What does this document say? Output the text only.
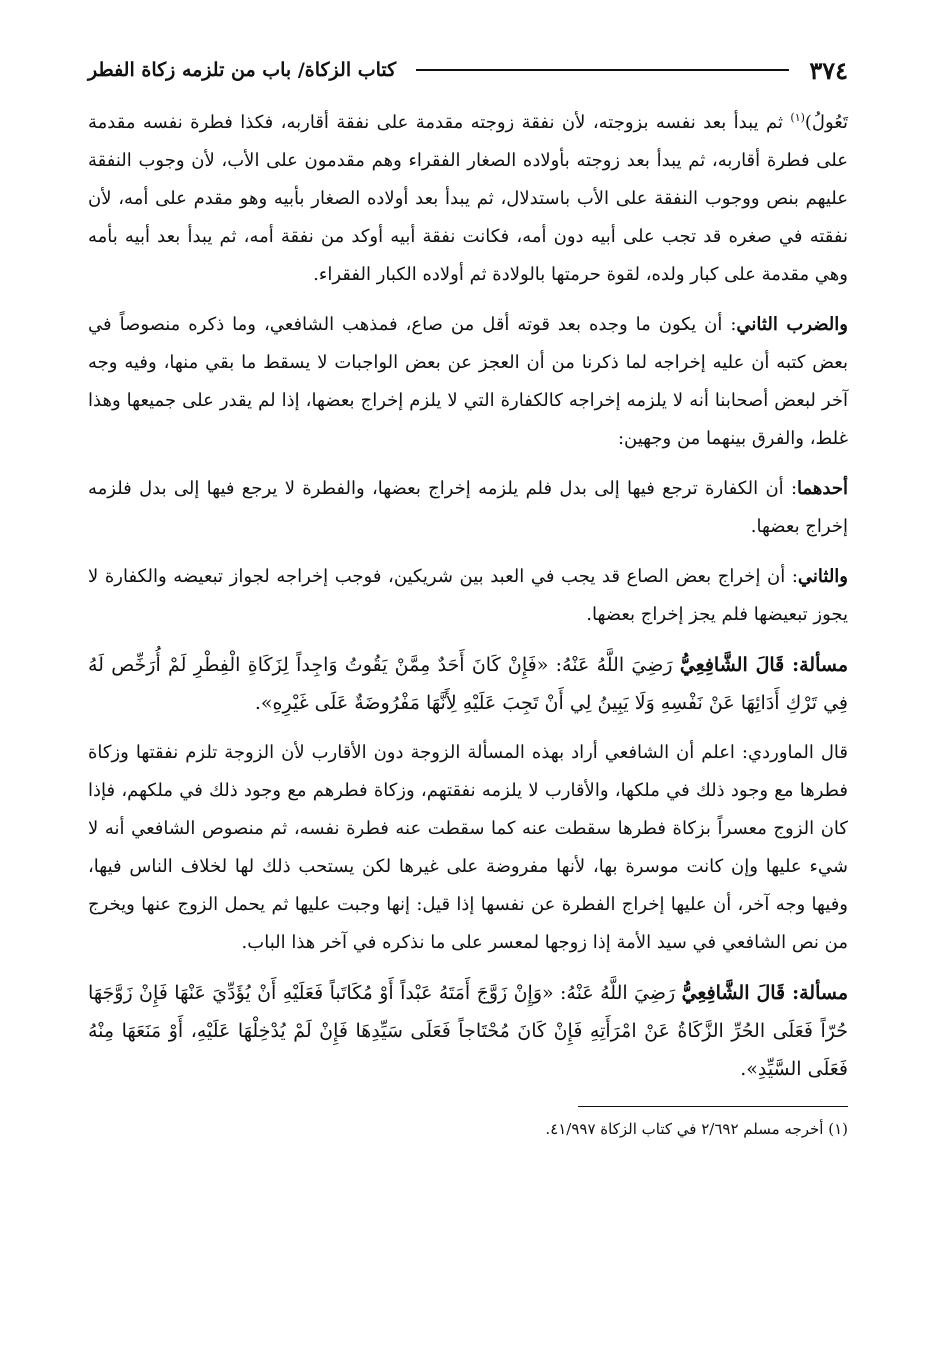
٣٧٤
كتاب الزكاة/ باب من تلزمه زكاة الفطر

تَعُولُ)$^{(١)}$ ثم يبدأ بعد نفسه بزوجته، لأن نفقة زوجته مقدمة على نفقة أقاربه، فكذا فطرة نفسه مقدمة على فطرة أقاربه، ثم يبدأ بعد زوجته بأولاده الصغار الفقراء وهم مقدمون على الأب، لأن وجوب النفقة عليهم بنص ووجوب النفقة على الأب باستدلال، ثم يبدأ بعد أولاده الصغار بأبيه وهو مقدم على أمه، لأن نفقته في صغره قد تجب على أبيه دون أمه، فكانت نفقة أبيه أوكد من نفقة أمه، ثم يبدأ بعد أبيه بأمه وهي مقدمة على كبار ولده، لقوة حرمتها بالولادة ثم أولاده الكبار الفقراء.

والضرب الثاني: أن يكون ما وجده بعد قوته أقل من صاع، فمذهب الشافعي، وما ذكره منصوصاً في بعض كتبه أن عليه إخراجه لما ذكرنا من أن العجز عن بعض الواجبات لا يسقط ما بقي منها، وفيه وجه آخر لبعض أصحابنا أنه لا يلزمه إخراجه كالكفارة التي لا يلزم إخراج بعضها، إذا لم يقدر على جميعها وهذا غلط، والفرق بينهما من وجهين:

أحدهما: أن الكفارة ترجع فيها إلى بدل فلم يلزمه إخراج بعضها، والفطرة لا يرجع فيها إلى بدل فلزمه إخراج بعضها.

والثاني: أن إخراج بعض الصاع قد يجب في العبد بين شريكين، فوجب إخراجه لجواز تبعيضه والكفارة لا يجوز تبعيضها فلم يجز إخراج بعضها.

مسألة: قَالَ الشَّافِعِيُّ رَضِيَ اللَّهُ عَنْهُ: «فَإِنْ كَانَ أَحَدٌ مِمَّنْ يَقُوتُ وَاجِداً لِزَكَاةِ الْفِطْرِ لَمْ أُرَخِّص لَهُ فِي تَرْكِ أَدَائِهَا عَنْ نَفْسِهِ وَلَا يَبِينُ لِي أَنْ تَجِبَ عَلَيْهِ لِأَنَّهَا مَفْرُوضَةٌ عَلَى غَيْرِهِ».

قال الماوردي: اعلم أن الشافعي أراد بهذه المسألة الزوجة دون الأقارب لأن الزوجة تلزم نفقتها وزكاة فطرها مع وجود ذلك في ملكها، والأقارب لا يلزمه نفقتهم، وزكاة فطرهم مع وجود ذلك في ملكهم، فإذا كان الزوج معسراً بزكاة فطرها سقطت عنه كما سقطت عنه فطرة نفسه، ثم منصوص الشافعي أنه لا شيء عليها وإن كانت موسرة بها، لأنها مفروضة على غيرها لكن يستحب ذلك لها لخلاف الناس فيها، وفيها وجه آخر، أن عليها إخراج الفطرة عن نفسها إذا قيل: إنها وجبت عليها ثم يحمل الزوج عنها ويخرج من نص الشافعي في سيد الأمة إذا زوجها لمعسر على ما نذكره في آخر هذا الباب.

مسألة: قَالَ الشَّافِعِيُّ رَضِيَ اللَّهُ عَنْهُ: «وَإِنْ زَوَّجَ أَمَتَهُ عَبْداً أَوْ مُكَاتَباً فَعَلَيْهِ أَنْ يُؤَدِّيَ عَنْهَا فَإِنْ زَوَّجَهَا حُرّاً فَعَلَى الحُرِّ الزَّكَاةُ عَنْ امْرَأَتِهِ فَإِنْ كَانَ مُحْتَاجاً فَعَلَى سَيِّدِهَا فَإِنْ لَمْ يُدْخِلْهَا عَلَيْهِ، أَوْ مَنَعَهَا مِنْهُ فَعَلَى السَّيِّدِ».

(١) أخرجه مسلم ٢/٦٩٢ في كتاب الزكاة ٤١/٩٩٧.
